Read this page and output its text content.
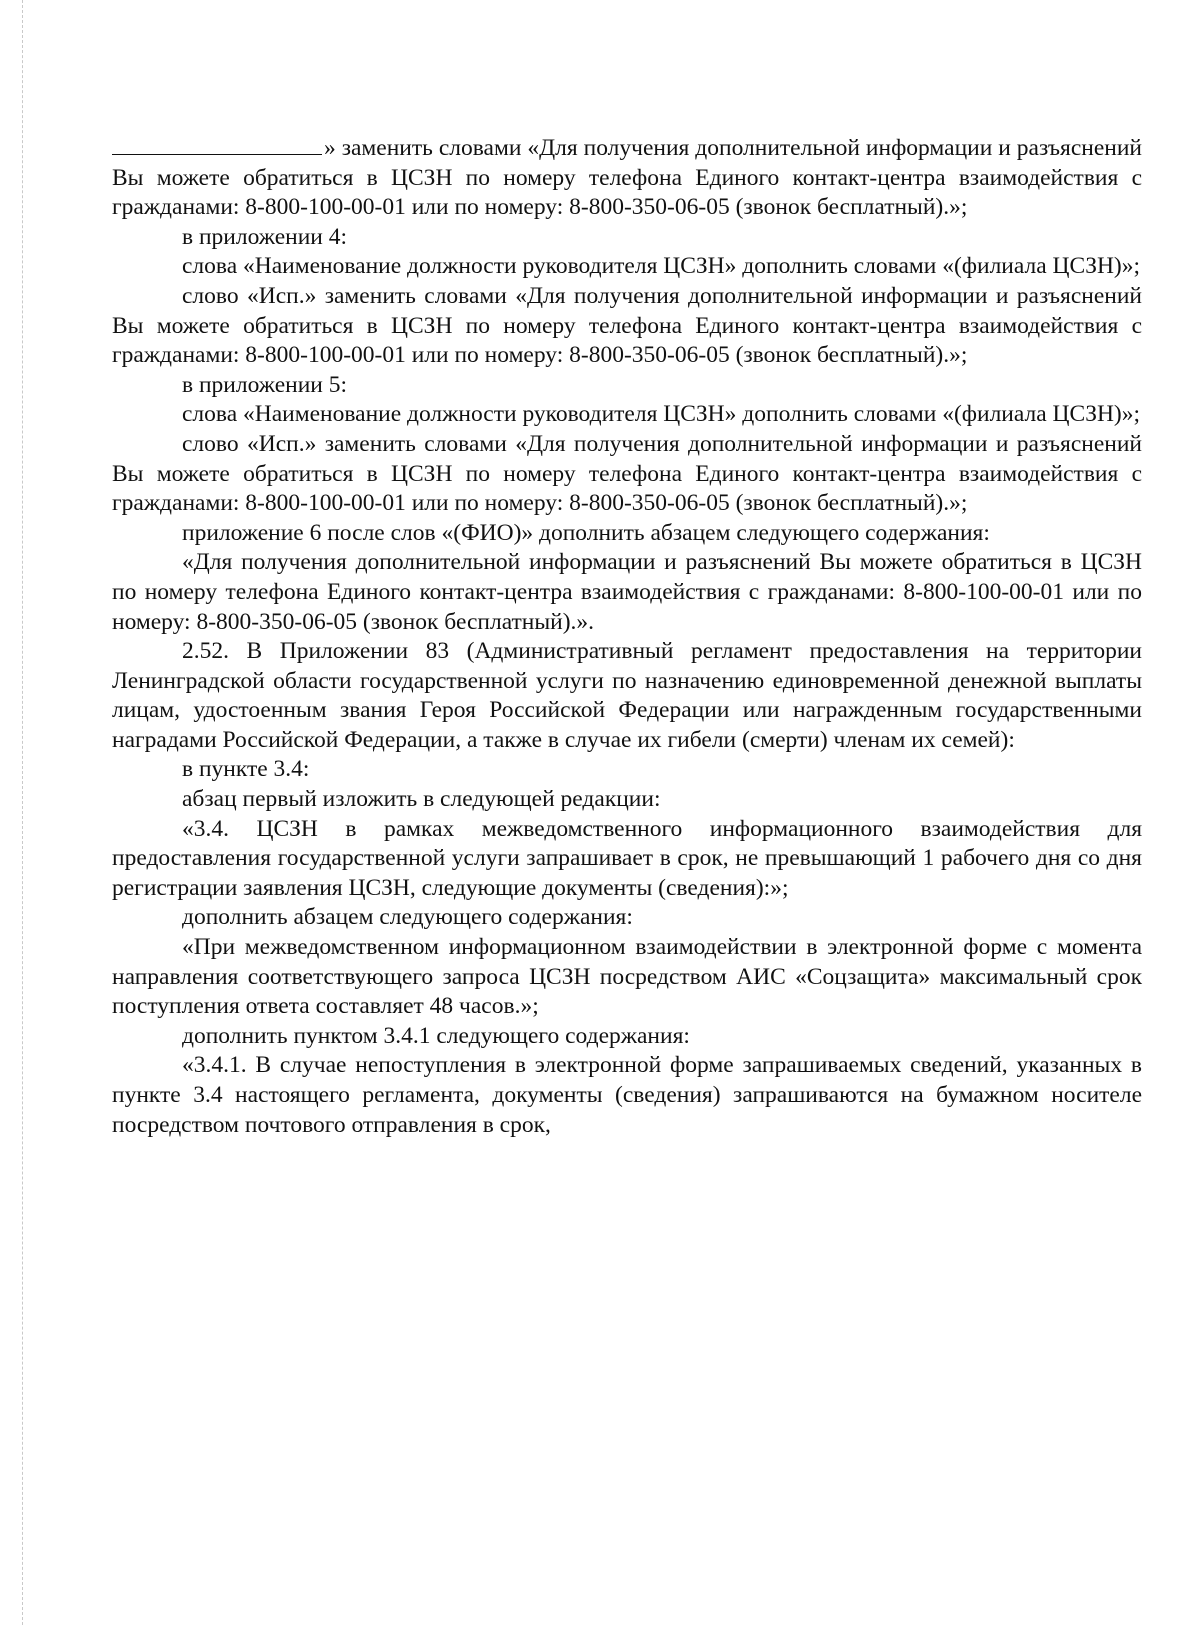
» заменить словами «Для получения дополнительной информации и разъяснений Вы можете обратиться в ЦСЗН по номеру телефона Единого контакт-центра взаимодействия с гражданами: 8-800-100-00-01 или по номеру: 8-800-350-06-05 (звонок бесплатный).»;

в приложении 4:

слова «Наименование должности руководителя ЦСЗН» дополнить словами «(филиала ЦСЗН)»;

слово «Исп.» заменить словами «Для получения дополнительной информации и разъяснений Вы можете обратиться в ЦСЗН по номеру телефона Единого контакт-центра взаимодействия с гражданами: 8-800-100-00-01 или по номеру: 8-800-350-06-05 (звонок бесплатный).»;

в приложении 5:

слова «Наименование должности руководителя ЦСЗН» дополнить словами «(филиала ЦСЗН)»;

слово «Исп.» заменить словами «Для получения дополнительной информации и разъяснений Вы можете обратиться в ЦСЗН по номеру телефона Единого контакт-центра взаимодействия с гражданами: 8-800-100-00-01 или по номеру: 8-800-350-06-05 (звонок бесплатный).»;

приложение 6 после слов «(ФИО)» дополнить абзацем следующего содержания:

«Для получения дополнительной информации и разъяснений Вы можете обратиться в ЦСЗН по номеру телефона Единого контакт-центра взаимодействия с гражданами: 8-800-100-00-01 или по номеру: 8-800-350-06-05 (звонок бесплатный).».

2.52. В Приложении 83 (Административный регламент предоставления на территории Ленинградской области государственной услуги по назначению единовременной денежной выплаты лицам, удостоенным звания Героя Российской Федерации или награжденным государственными наградами Российской Федерации, а также в случае их гибели (смерти) членам их семей):

в пункте 3.4:

абзац первый изложить в следующей редакции:

«3.4. ЦСЗН в рамках межведомственного информационного взаимодействия для предоставления государственной услуги запрашивает в срок, не превышающий 1 рабочего дня со дня регистрации заявления ЦСЗН, следующие документы (сведения):»;

дополнить абзацем следующего содержания:

«При межведомственном информационном взаимодействии в электронной форме с момента направления соответствующего запроса ЦСЗН посредством АИС «Соцзащита» максимальный срок поступления ответа составляет 48 часов.»;

дополнить пунктом 3.4.1 следующего содержания:

«3.4.1. В случае непоступления в электронной форме запрашиваемых сведений, указанных в пункте 3.4 настоящего регламента, документы (сведения) запрашиваются на бумажном носителе посредством почтового отправления в срок,
